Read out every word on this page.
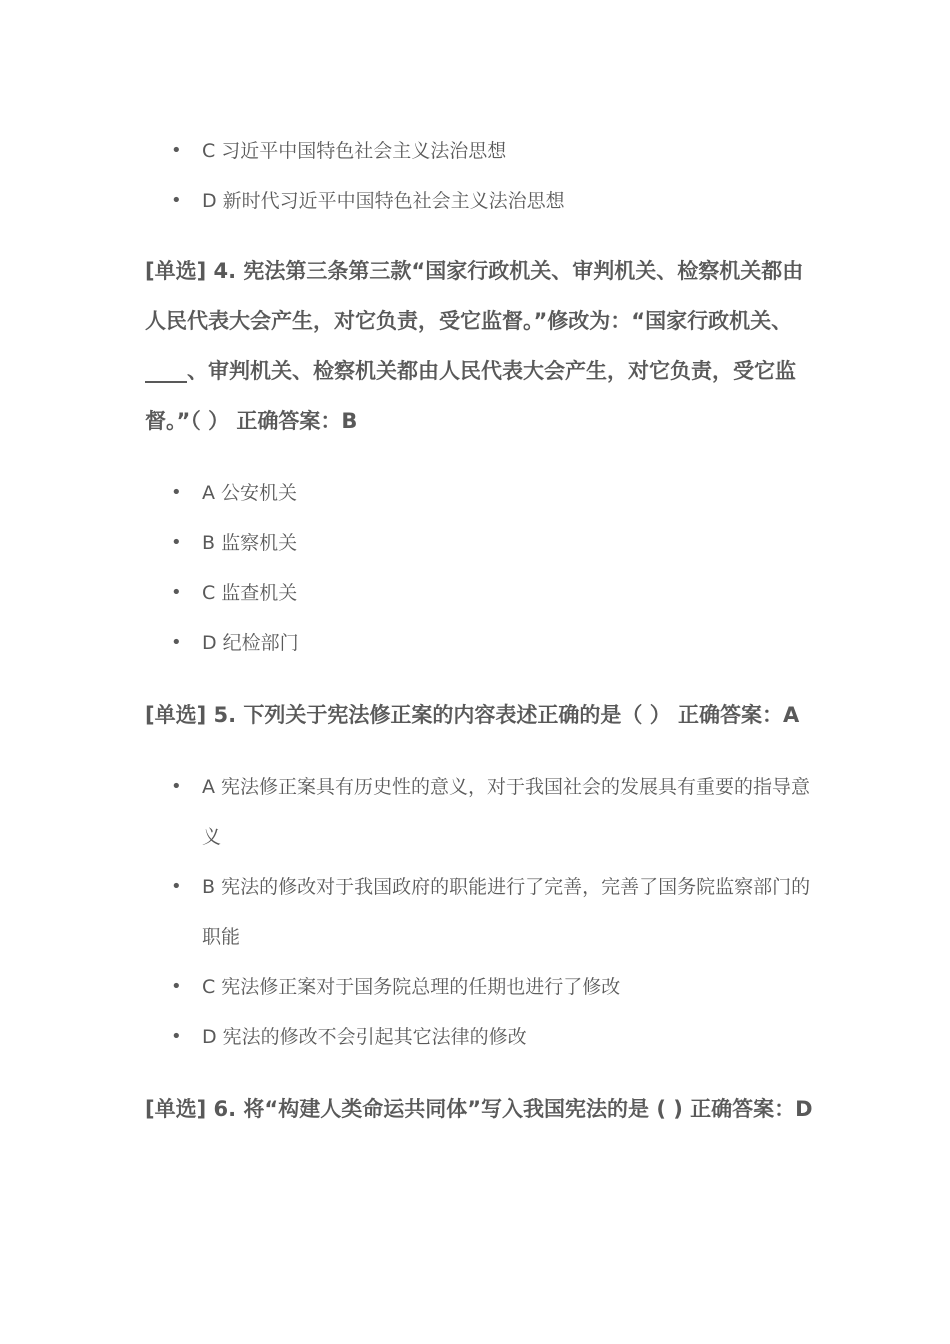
• C 习近平中国特色社会主义法治思想
• D 新时代习近平中国特色社会主义法治思想

[单选] 4. 宪法第三条第三款“国家行政机关、审判机关、检察机关都由人民代表大会产生，对它负责，受它监督。”修改为：“国家行政机关、____、审判机关、检察机关都由人民代表大会产生，对它负责，受它监督。”（ ） 正确答案：B

• A 公安机关
• B 监察机关
• C 监查机关
• D 纪检部门

[单选] 5. 下列关于宪法修正案的内容表述正确的是（ ） 正确答案：A

• A 宪法修正案具有历史性的意义，对于我国社会的发展具有重要的指导意义
• B 宪法的修改对于我国政府的职能进行了完善，完善了国务院监察部门的职能
• C 宪法修正案对于国务院总理的任期也进行了修改
• D 宪法的修改不会引起其它法律的修改

[单选] 6. 将“构建人类命运共同体”写入我国宪法的是 ( ) 正确答案：D
